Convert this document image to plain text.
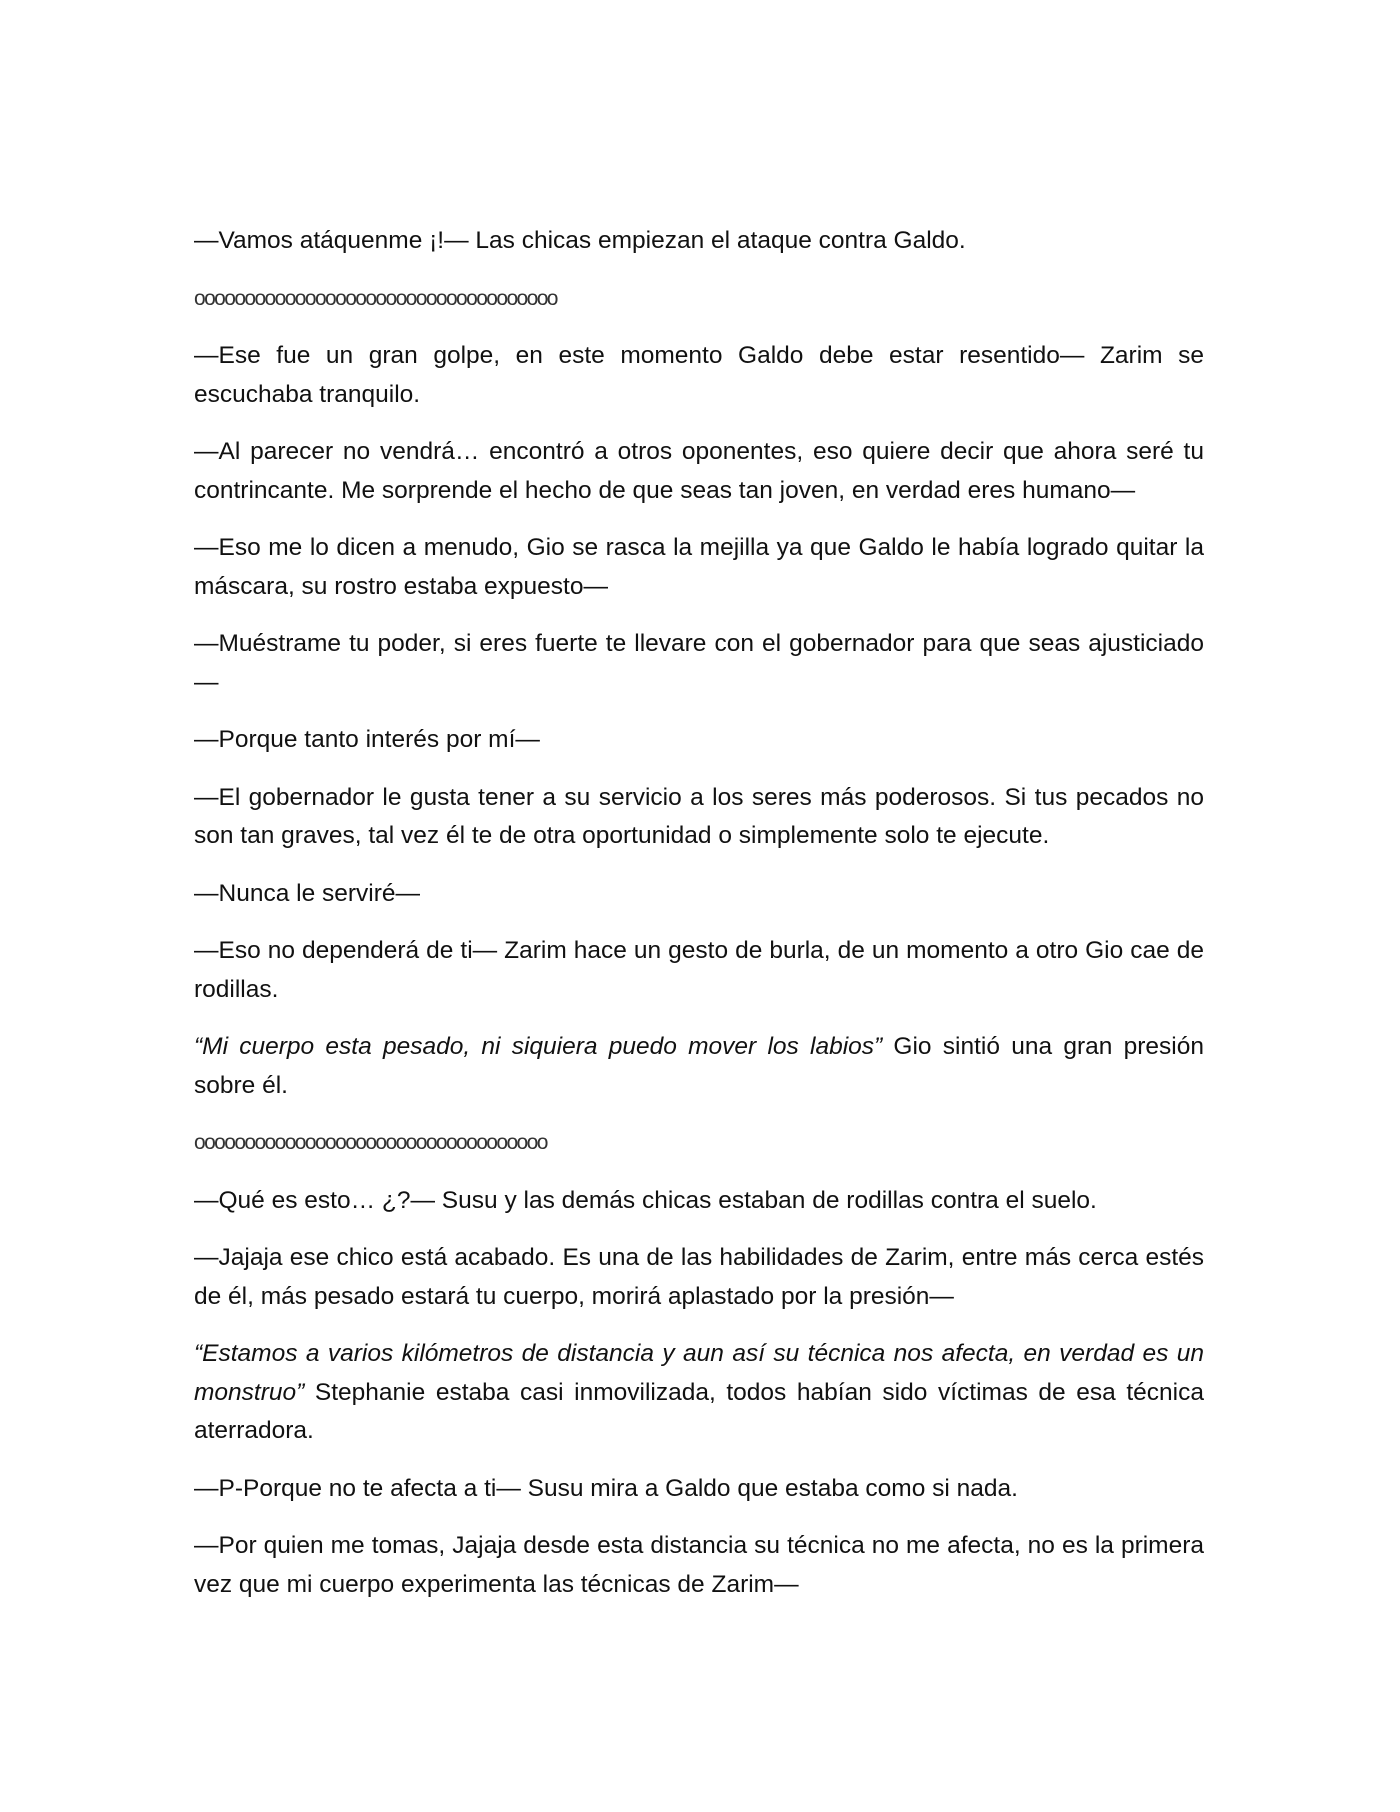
—Vamos atáquenme ¡!— Las chicas empiezan el ataque contra Galdo.

oooooooooooooooooooooooooooooooooooo

—Ese fue un gran golpe, en este momento Galdo debe estar resentido— Zarim se escuchaba tranquilo.

—Al parecer no vendrá… encontró a otros oponentes, eso quiere decir que ahora seré tu contrincante. Me sorprende el hecho de que seas tan joven, en verdad eres humano—

—Eso me lo dicen a menudo, Gio se rasca la mejilla ya que Galdo le había logrado quitar la máscara, su rostro estaba expuesto—

—Muéstrame tu poder, si eres fuerte te llevare con el gobernador para que seas ajusticiado—

—Porque tanto interés por mí—

—El gobernador le gusta tener a su servicio a los seres más poderosos. Si tus pecados no son tan graves, tal vez él te de otra oportunidad o simplemente solo te ejecute.

—Nunca le serviré—

—Eso no dependerá de ti— Zarim hace un gesto de burla, de un momento a otro Gio cae de rodillas.

“Mi cuerpo esta pesado, ni siquiera puedo mover los labios” Gio sintió una gran presión sobre él.

ooooooooooooooooooooooooooooooooooo

—Qué es esto… ¿?— Susu y las demás chicas estaban de rodillas contra el suelo.

—Jajaja ese chico está acabado. Es una de las habilidades de Zarim, entre más cerca estés de él, más pesado estará tu cuerpo, morirá aplastado por la presión—

“Estamos a varios kilómetros de distancia y aun así su técnica nos afecta, en verdad es un monstruo” Stephanie estaba casi inmovilizada, todos habían sido víctimas de esa técnica aterradora.

—P-Porque no te afecta a ti— Susu mira a Galdo que estaba como si nada.

—Por quien me tomas, Jajaja desde esta distancia su técnica no me afecta, no es la primera vez que mi cuerpo experimenta las técnicas de Zarim—
